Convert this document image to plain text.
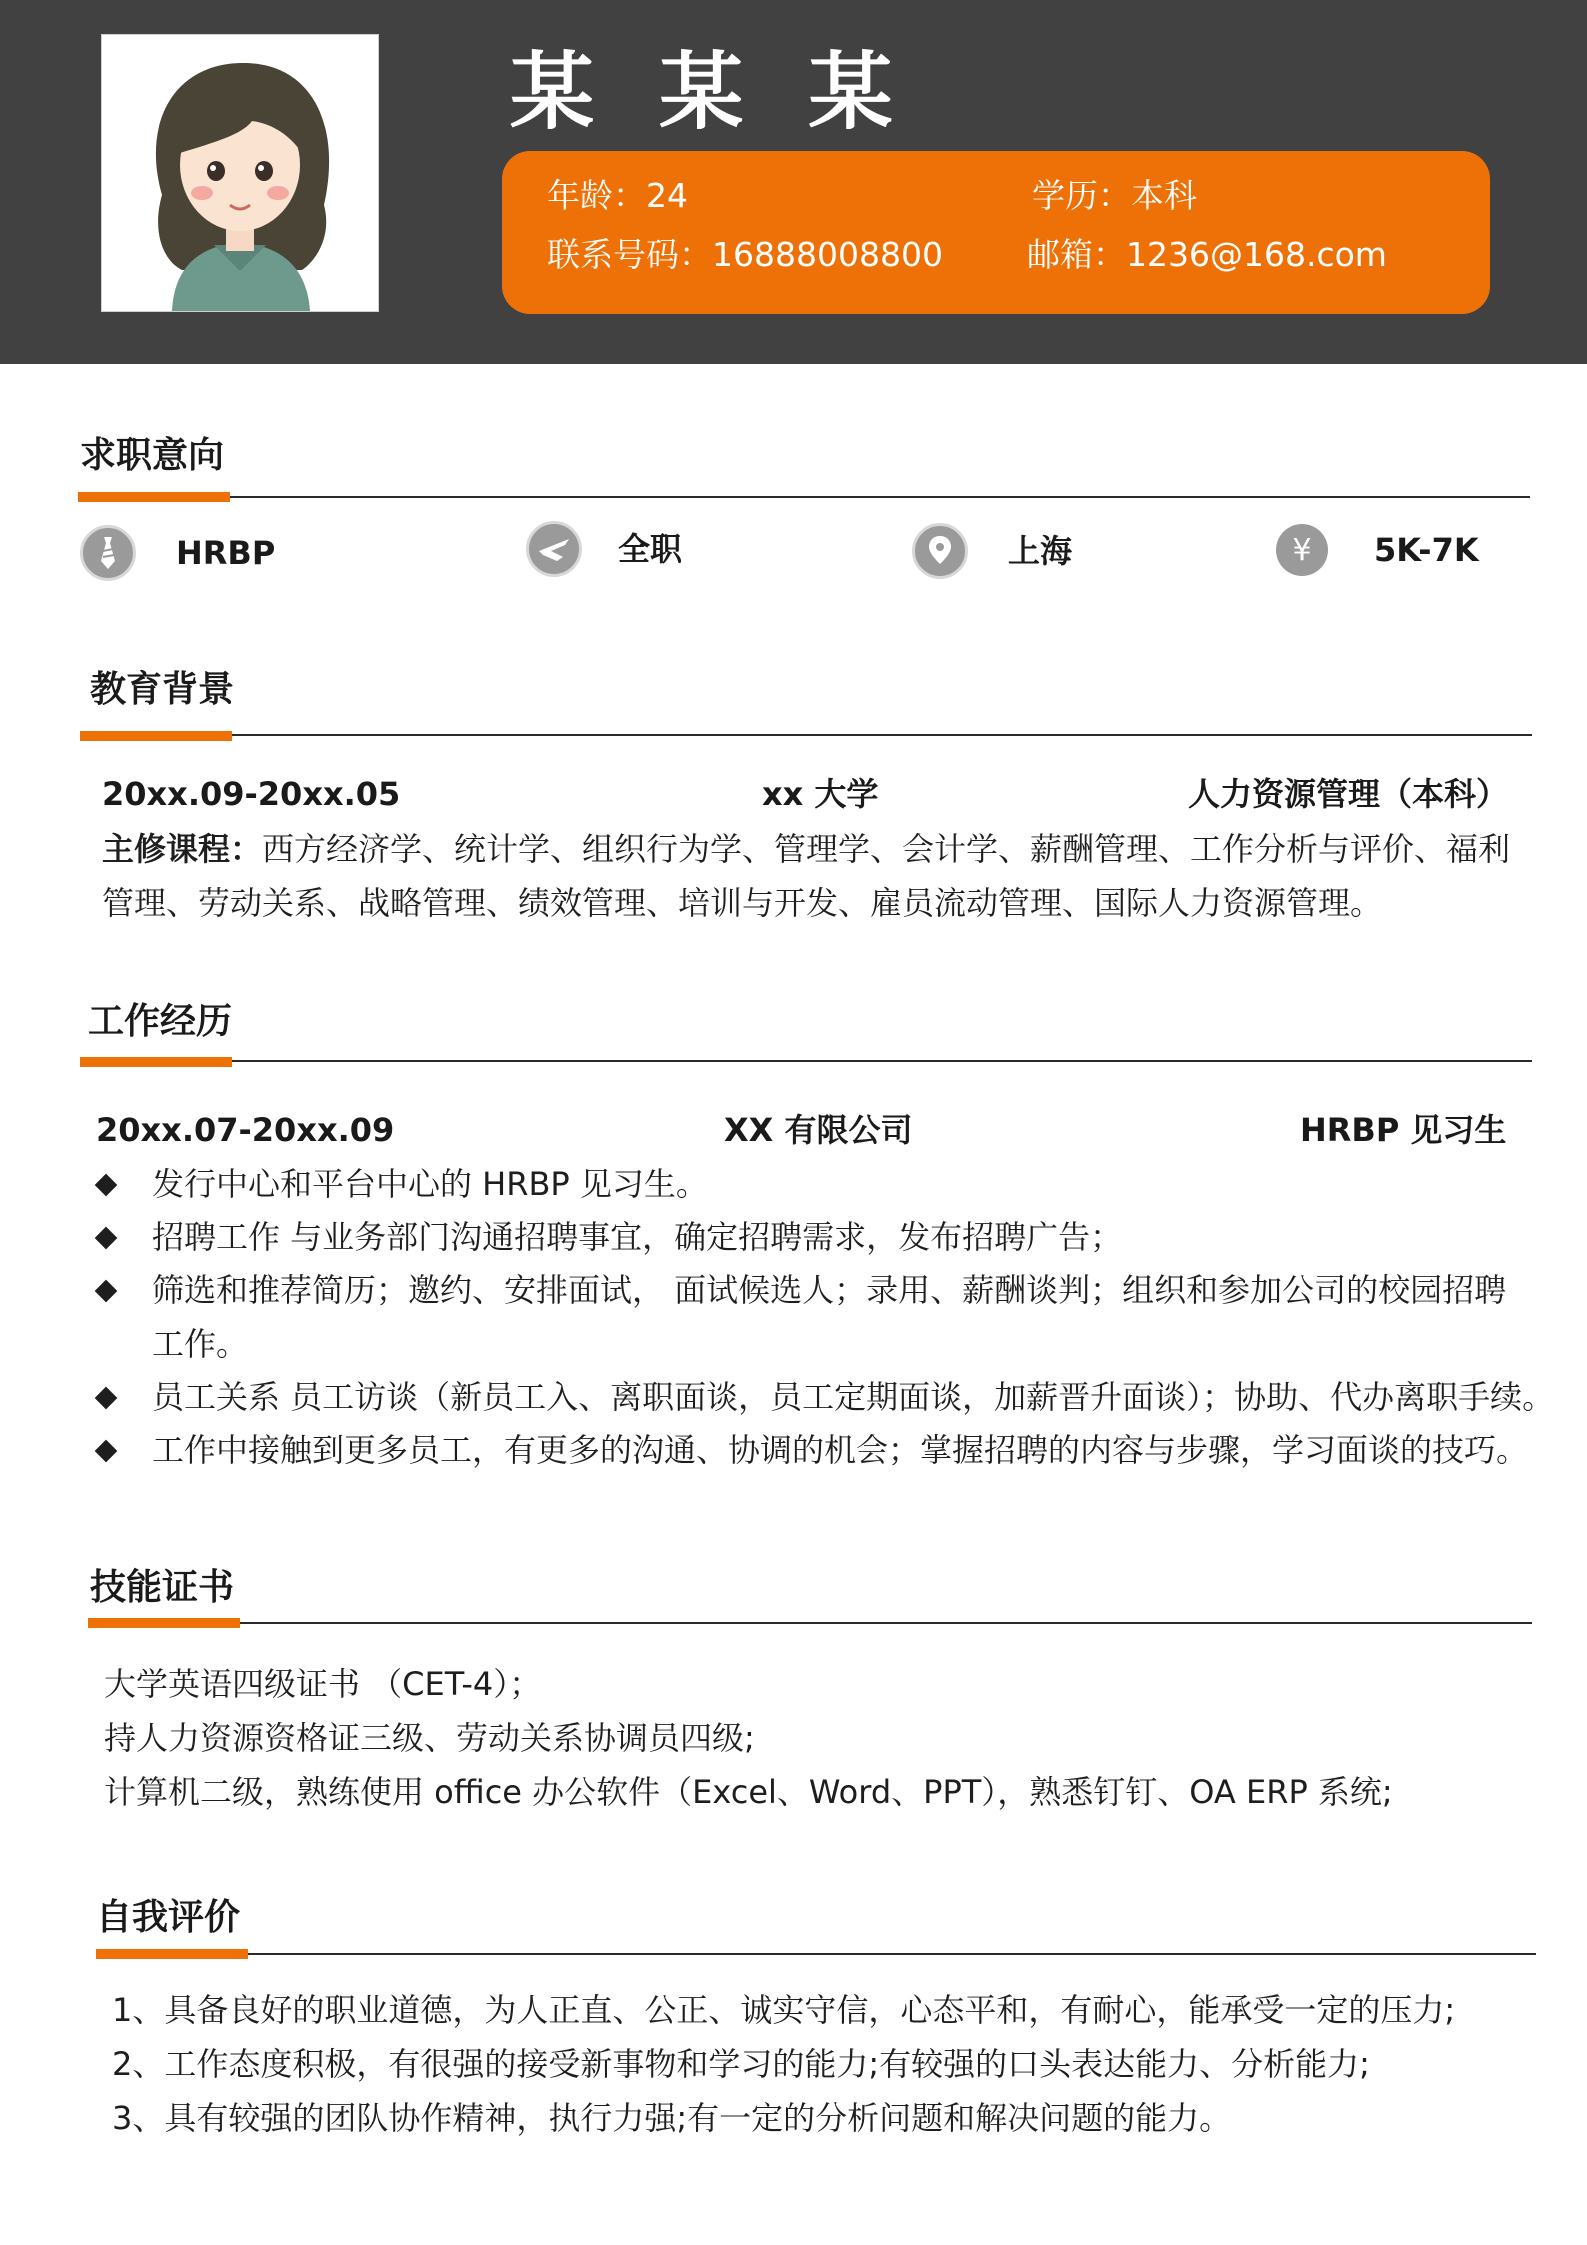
某 某 某
年龄：24	学历：本科
联系号码：16888008800	邮箱：1236@168.com
求职意向
HRBP	全职	上海	¥	5K-7K
教育背景
20xx.09-20xx.05	xx 大学	人力资源管理（本科）
主修课程：西方经济学、统计学、组织行为学、管理学、会计学、薪酬管理、工作分析与评价、福利
管理、劳动关系、战略管理、绩效管理、培训与开发、雇员流动管理、国际人力资源管理。
工作经历
20xx.07-20xx.09	XX 有限公司	HRBP 见习生
发行中心和平台中心的 HRBP 见习生。
招聘工作 与业务部门沟通招聘事宜，确定招聘需求，发布招聘广告；
筛选和推荐简历；邀约、安排面试， 面试候选人；录用、薪酬谈判；组织和参加公司的校园招聘工作。
员工关系 员工访谈（新员工入、离职面谈，员工定期面谈，加薪晋升面谈）；协助、代办离职手续。
工作中接触到更多员工，有更多的沟通、协调的机会；掌握招聘的内容与步骤，学习面谈的技巧。
技能证书
大学英语四级证书 （CET-4）；
持人力资源资格证三级、劳动关系协调员四级;
计算机二级，熟练使用 office 办公软件（Excel、Word、PPT），熟悉钉钉、OA ERP 系统;
自我评价
1、具备良好的职业道德，为人正直、公正、诚实守信，心态平和，有耐心，能承受一定的压力;
2、工作态度积极，有很强的接受新事物和学习的能力;有较强的口头表达能力、分析能力;
3、具有较强的团队协作精神，执行力强;有一定的分析问题和解决问题的能力。
